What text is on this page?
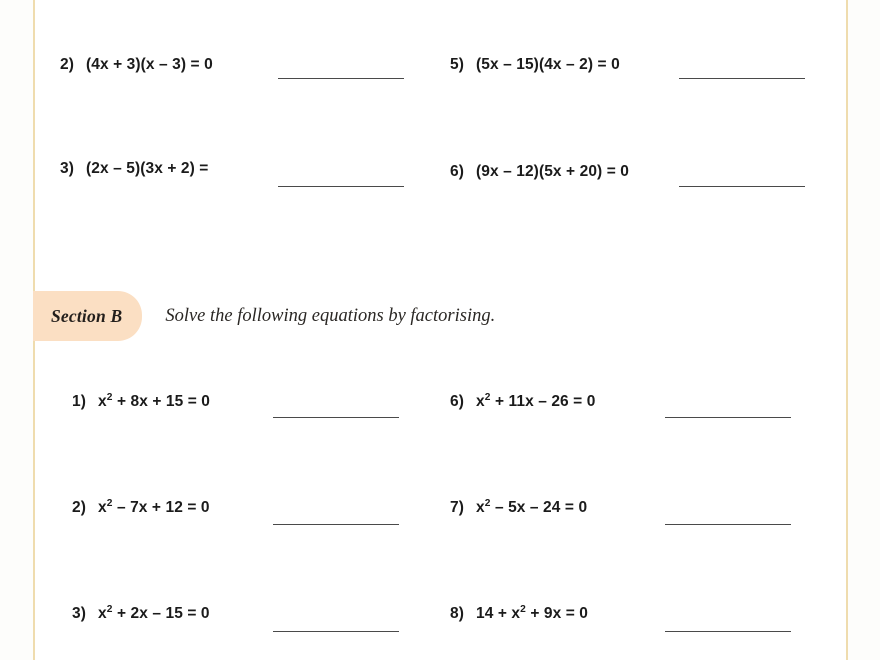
2) (4x + 3)(x – 3) = 0	5) (5x – 15)(4x – 2) = 0
3) (2x – 5)(3x + 2) =	6) (9x – 12)(5x + 20) = 0
Section B Solve the following equations by factorising.
1) $x^2 + 8x + 15 = 0$	6) $x^2 + 11x - 26 = 0$
2) $x^2 - 7x + 12 = 0$	7) $x^2 - 5x - 24 = 0$
3) $x^2 + 2x - 15 = 0$	8) $14 + x^2 + 9x = 0$
